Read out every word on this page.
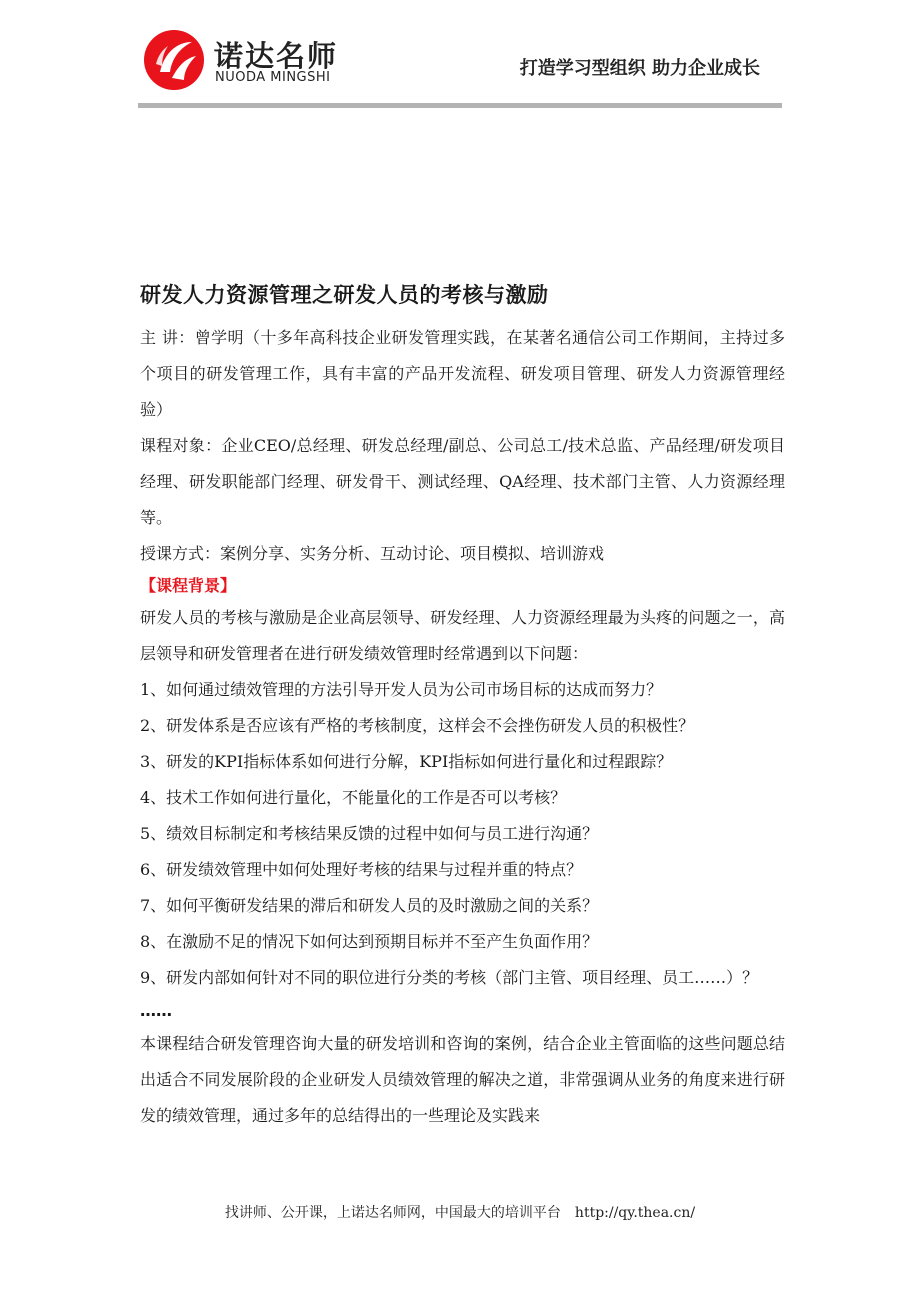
诺达名师
NUODA MINGSHI	打造学习型组织 助力企业成长
研发人力资源管理之研发人员的考核与激励

主 讲：曾学明（十多年高科技企业研发管理实践，在某著名通信公司工作期间，主持过多个项目的研发管理工作，具有丰富的产品开发流程、研发项目管理、研发人力资源管理经验）

课程对象：企业CEO/总经理、研发总经理/副总、公司总工/技术总监、产品经理/研发项目经理、研发职能部门经理、研发骨干、测试经理、QA经理、技术部门主管、人力资源经理等。

授课方式：案例分享、实务分析、互动讨论、项目模拟、培训游戏

【课程背景】

研发人员的考核与激励是企业高层领导、研发经理、人力资源经理最为头疼的问题之一，高层领导和研发管理者在进行研发绩效管理时经常遇到以下问题：

1、如何通过绩效管理的方法引导开发人员为公司市场目标的达成而努力？

2、研发体系是否应该有严格的考核制度，这样会不会挫伤研发人员的积极性？

3、研发的KPI指标体系如何进行分解，KPI指标如何进行量化和过程跟踪？

4、技术工作如何进行量化，不能量化的工作是否可以考核？

5、绩效目标制定和考核结果反馈的过程中如何与员工进行沟通？

6、研发绩效管理中如何处理好考核的结果与过程并重的特点？

7、如何平衡研发结果的滞后和研发人员的及时激励之间的关系？

8、在激励不足的情况下如何达到预期目标并不至产生负面作用？

9、研发内部如何针对不同的职位进行分类的考核（部门主管、项目经理、员工……）？

……

本课程结合研发管理咨询大量的研发培训和咨询的案例，结合企业主管面临的这些问题总结出适合不同发展阶段的企业研发人员绩效管理的解决之道，非常强调从业务的角度来进行研发的绩效管理，通过多年的总结得出的一些理论及实践来

找讲师、公开课，上诺达名师网，中国最大的培训平台 http://qy.thea.cn/
